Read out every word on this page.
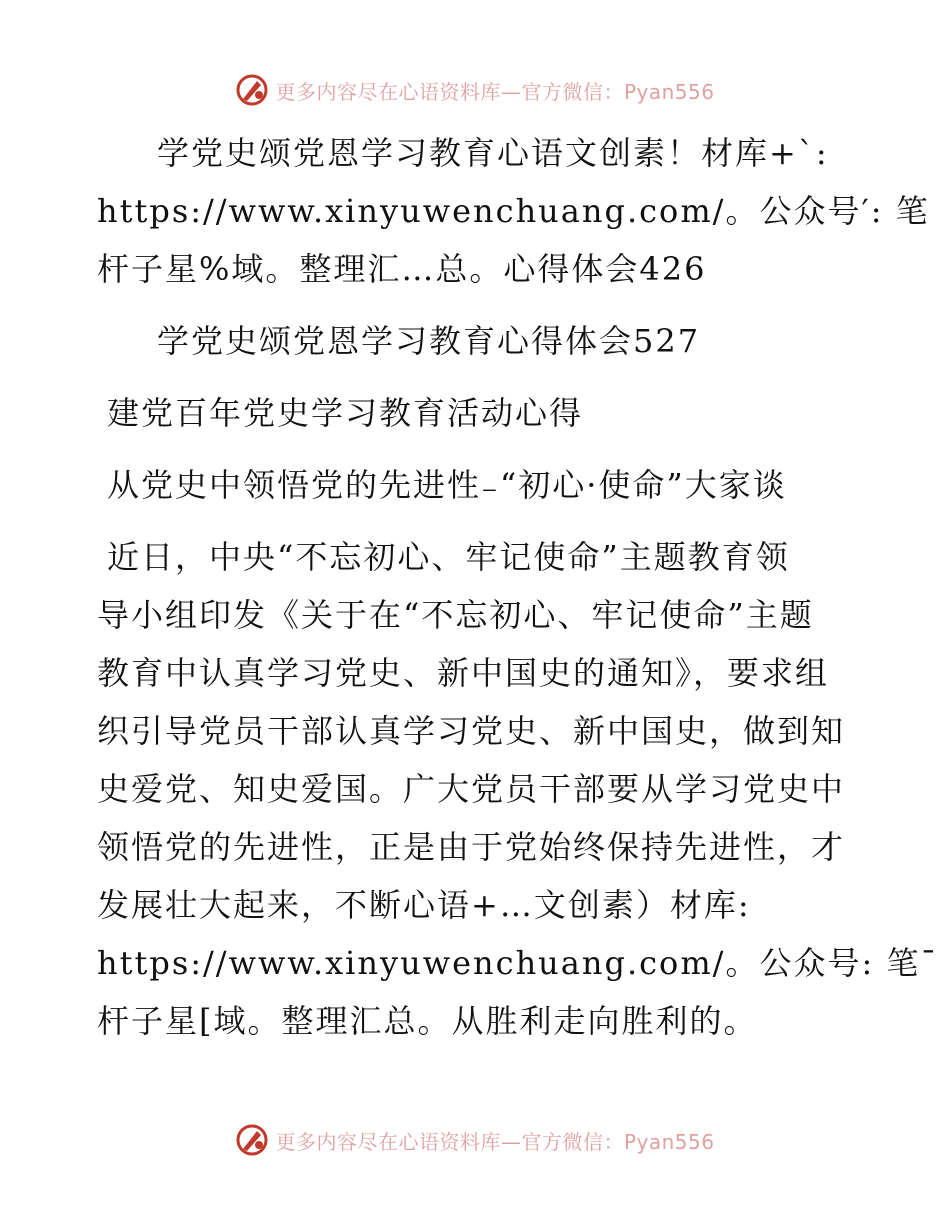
更多内容尽在心语资料库—官方微信：Pyan556
学党史颂党恩学习教育心语文创素！材库+`:
https://www.xinyuwenchuang.com/。公众号′: 笔
杆子星%域。整理汇…总。心得体会426
学党史颂党恩学习教育心得体会527
建党百年党史学习教育活动心得
从党史中领悟党的先进性₋“初心·使命”大家谈
近日，中央“不忘初心、牢记使命”主题教育领
导小组印发《关于在“不忘初心、牢记使命”主题
教育中认真学习党史、新中国史的通知》，要求组
织引导党员干部认真学习党史、新中国史，做到知
史爱党、知史爱国。广大党员干部要从学习党史中
领悟党的先进性，正是由于党始终保持先进性，才
发展壮大起来，不断心语+…文创素）材库:
https://www.xinyuwenchuang.com/。公众号: 笔¯
杆子星[域。整理汇总。从胜利走向胜利的。
更多内容尽在心语资料库—官方微信：Pyan556
